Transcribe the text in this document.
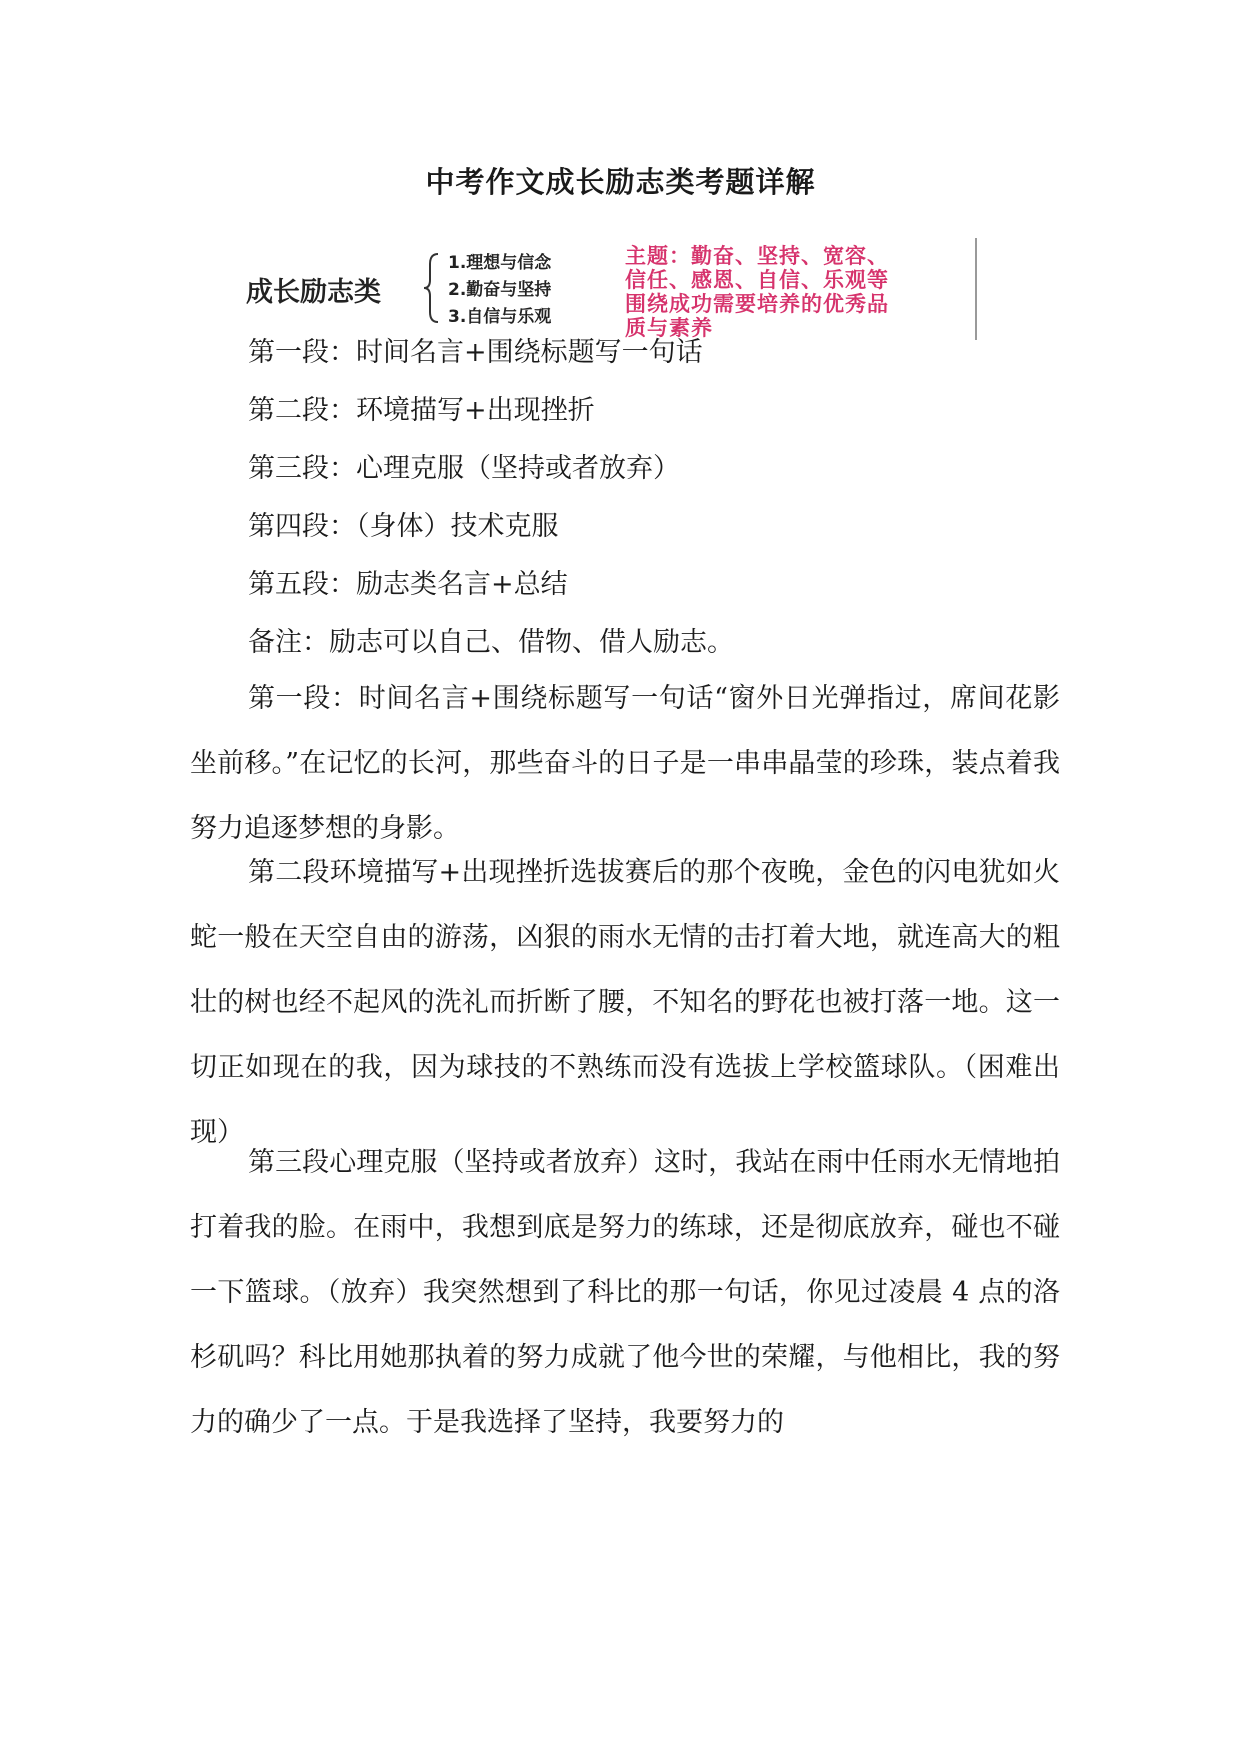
中考作文成长励志类考题详解
成长励志类
1.理想与信念
2.勤奋与坚持
3.自信与乐观
主题：勤奋、坚持、宽容、
信任、感恩、自信、乐观等
围绕成功需要培养的优秀品
质与素养

第一段：时间名言+围绕标题写一句话

第二段：环境描写+出现挫折

第三段：心理克服（坚持或者放弃）

第四段：（身体）技术克服

第五段：励志类名言+总结

备注：励志可以自己、借物、借人励志。

第一段：时间名言+围绕标题写一句话“窗外日光弹指过，席间花影坐前移。”在记忆的长河，那些奋斗的日子是一串串晶莹的珍珠，装点着我努力追逐梦想的身影。

第二段环境描写+出现挫折选拔赛后的那个夜晚，金色的闪电犹如火蛇一般在天空自由的游荡，凶狠的雨水无情的击打着大地，就连高大的粗壮的树也经不起风的洗礼而折断了腰，不知名的野花也被打落一地。这一切正如现在的我，因为球技的不熟练而没有选拔上学校篮球队。（困难出现）

第三段心理克服（坚持或者放弃）这时，我站在雨中任雨水无情地拍打着我的脸。在雨中，我想到底是努力的练球，还是彻底放弃，碰也不碰一下篮球。（放弃）我突然想到了科比的那一句话，你见过凌晨 4 点的洛杉矶吗？科比用她那执着的努力成就了他今世的荣耀，与他相比，我的努力的确少了一点。于是我选择了坚持，我要努力的
